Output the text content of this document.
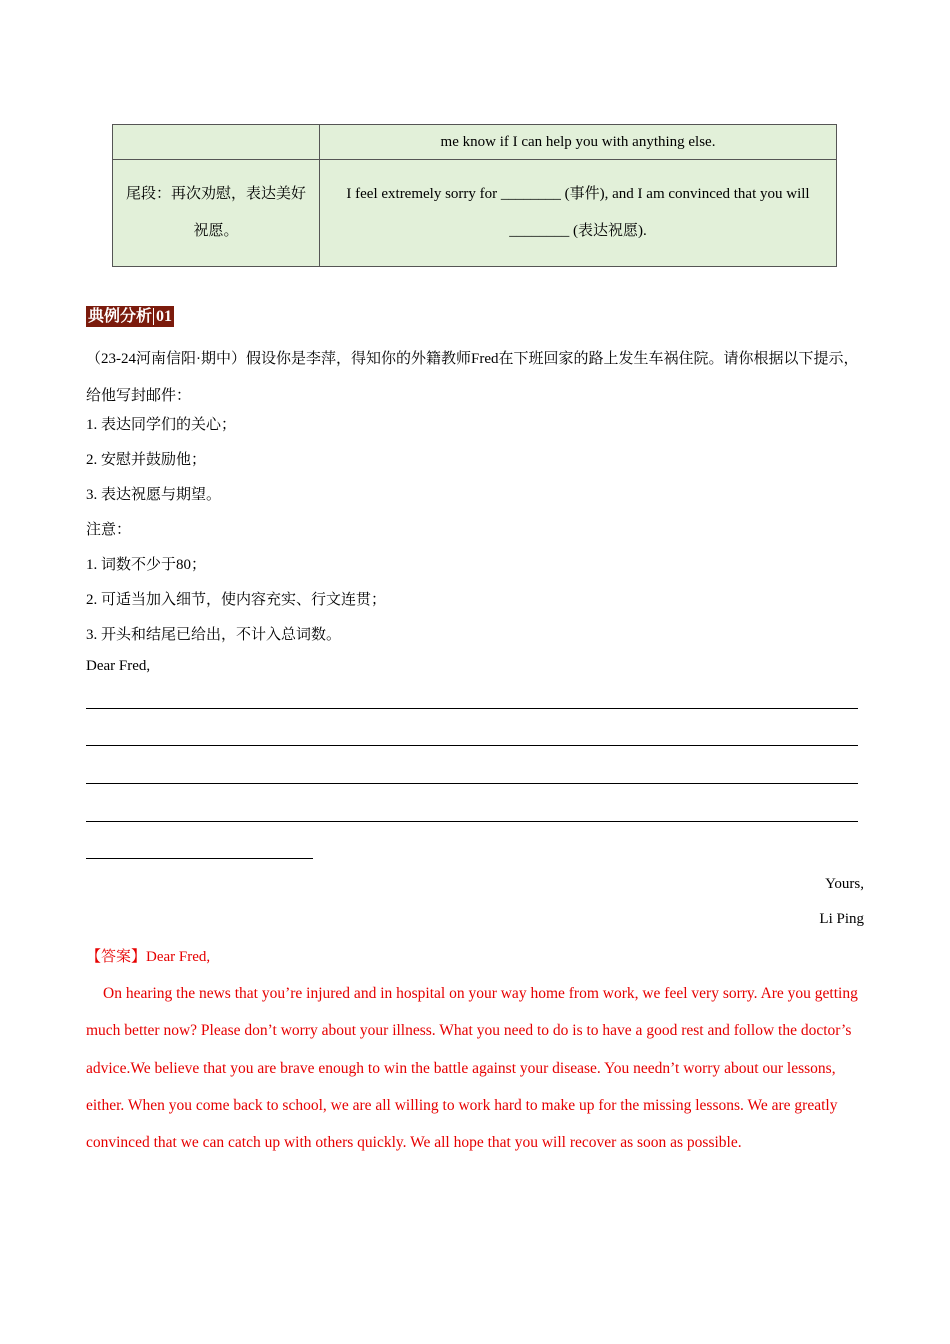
	me know if I can help you with anything else.
尾段：再次劝慰，表达美好祝愿。	I feel extremely sorry for ________ (事件), and I am convinced that you will ________ (表达祝愿).
典例分析 01
（23-24河南信阳·期中）假设你是李萍，得知你的外籍教师Fred在下班回家的路上发生车祸住院。请你根据以下提示，给他写封邮件：
1. 表达同学们的关心；
2. 安慰并鼓励他；
3. 表达祝愿与期望。
注意：
1. 词数不少于80；
2. 可适当加入细节，使内容充实、行文连贯；
3. 开头和结尾已给出，不计入总词数。
Dear Fred,
Yours,
Li Ping
【答案】Dear Fred,
On hearing the news that you’re injured and in hospital on your way home from work, we feel very sorry. Are you getting much better now? Please don’t worry about your illness. What you need to do is to have a good rest and follow the doctor’s advice.We believe that you are brave enough to win the battle against your disease. You needn’t worry about our lessons, either. When you come back to school, we are all willing to work hard to make up for the missing lessons. We are greatly convinced that we can catch up with others quickly. We all hope that you will recover as soon as possible.
